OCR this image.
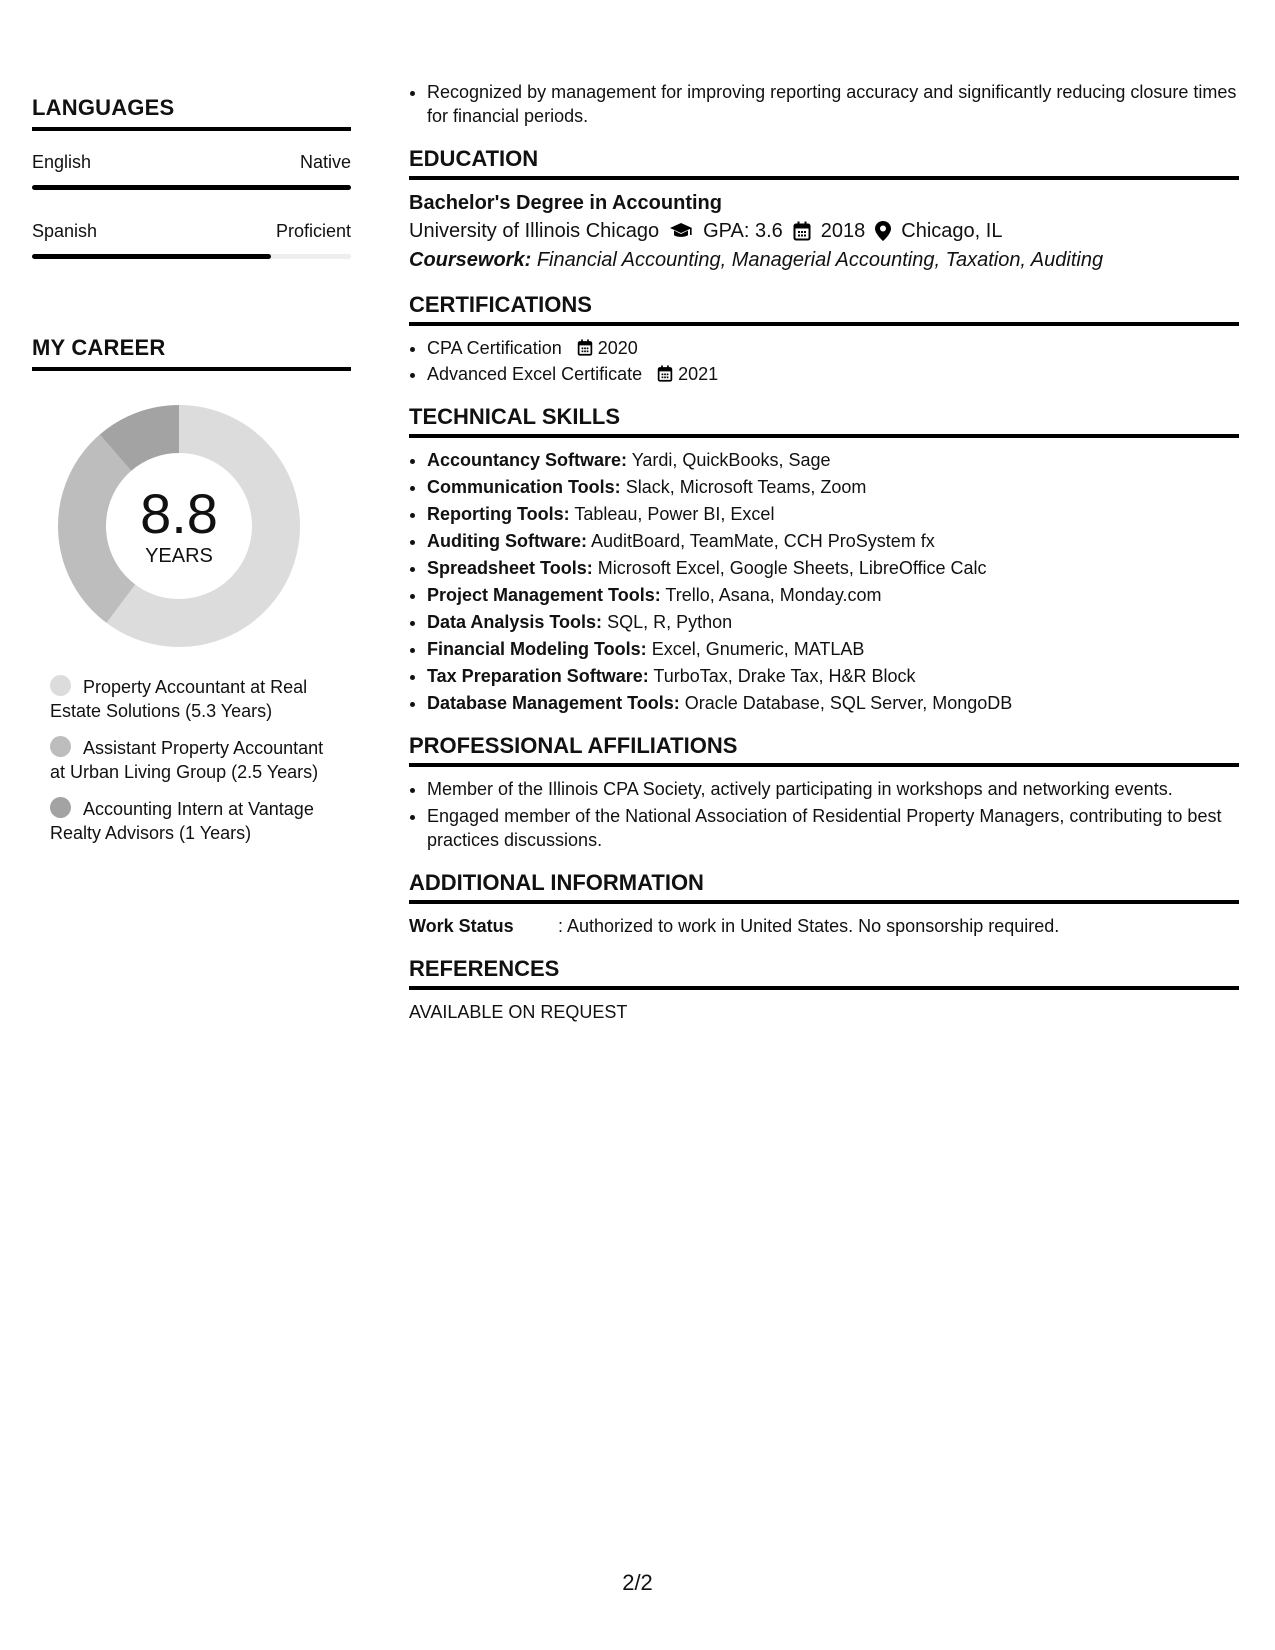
LANGUAGES
English	Native
Spanish	Proficient
MY CAREER
8.8
YEARS
Property Accountant at Real Estate Solutions (5.3 Years)
Assistant Property Accountant at Urban Living Group (2.5 Years)
Accounting Intern at Vantage Realty Advisors (1 Years)
• Recognized by management for improving reporting accuracy and significantly reducing closure times for financial periods.
EDUCATION
Bachelor's Degree in Accounting
University of Illinois Chicago GPA: 3.6 2018 Chicago, IL
Coursework: Financial Accounting, Managerial Accounting, Taxation, Auditing
CERTIFICATIONS
• CPA Certification 2020
• Advanced Excel Certificate 2021
TECHNICAL SKILLS
• Accountancy Software: Yardi, QuickBooks, Sage
• Communication Tools: Slack, Microsoft Teams, Zoom
• Reporting Tools: Tableau, Power BI, Excel
• Auditing Software: AuditBoard, TeamMate, CCH ProSystem fx
• Spreadsheet Tools: Microsoft Excel, Google Sheets, LibreOffice Calc
• Project Management Tools: Trello, Asana, Monday.com
• Data Analysis Tools: SQL, R, Python
• Financial Modeling Tools: Excel, Gnumeric, MATLAB
• Tax Preparation Software: TurboTax, Drake Tax, H&R Block
• Database Management Tools: Oracle Database, SQL Server, MongoDB
PROFESSIONAL AFFILIATIONS
• Member of the Illinois CPA Society, actively participating in workshops and networking events.
• Engaged member of the National Association of Residential Property Managers, contributing to best practices discussions.
ADDITIONAL INFORMATION
Work Status : Authorized to work in United States. No sponsorship required.
REFERENCES
AVAILABLE ON REQUEST
2/2
